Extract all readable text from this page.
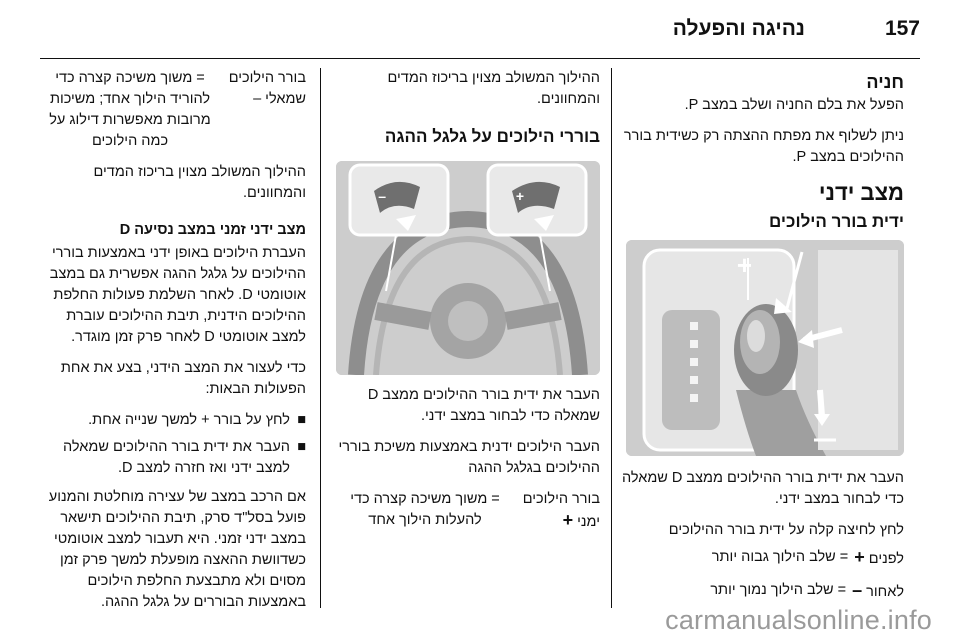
נהיגה והפעלה	157
חניה

הפעל את בלם החניה ושלב במצב P.

ניתן לשלוף את מפתח ההצתה רק כשידית בורר ההילוכים במצב P.

מצב ידני
ידית בורר הילוכים
+

העבר את ידית בורר ההילוכים ממצב D שמאלה כדי לבחור במצב ידני.

לחץ לחיצה קלה על ידית בורר ההילוכים

לפנים +
= שלב הילוך גבוה יותר
לאחור –
= שלב הילוך נמוך יותר

ההילוך המשולב מצוין בריכוז המדים והמחוונים.

בוררי הילוכים על גלגל ההגה
–	+

העבר את ידית בורר ההילוכים ממצב D שמאלה כדי לבחור במצב ידני.

העבר הילוכים ידנית באמצעות משיכת בוררי ההילוכים בגלגל ההגה

בורר הילוכים ימני +
= משוך משיכה קצרה כדי להעלות הילוך אחד
בורר הילוכים שמאלי –
= משוך משיכה קצרה כדי להוריד הילוך אחד; משיכות מרובות מאפשרות דילוג על כמה הילוכים

ההילוך המשולב מצוין בריכוז המדים והמחוונים.

מצב ידני זמני במצב נסיעה D

העברת הילוכים באופן ידני באמצעות בוררי ההילוכים על גלגל ההגה אפשרית גם במצב אוטומטי D. לאחר השלמת פעולות החלפת ההילוכים הידנית, תיבת ההילוכים עוברת למצב אוטומטי D לאחר פרק זמן מוגדר.

כדי לעצור את המצב הידני, בצע את אחת הפעולות הבאות:

■
לחץ על בורר + למשך שנייה אחת.
■
העבר את ידית בורר ההילוכים שמאלה למצב ידני ואז חזרה למצב D.

אם הרכב במצב של עצירה מוחלטת והמנוע פועל בסל"ד סרק, תיבת ההילוכים תישאר במצב ידני זמני. היא תעבור למצב אוטומטי כשדוושת ההאצה מופעלת למשך פרק זמן מסוים ולא מתבצעת החלפת הילוכים באמצעות הבוררים על גלגל ההגה.

carmanualsonline.info
